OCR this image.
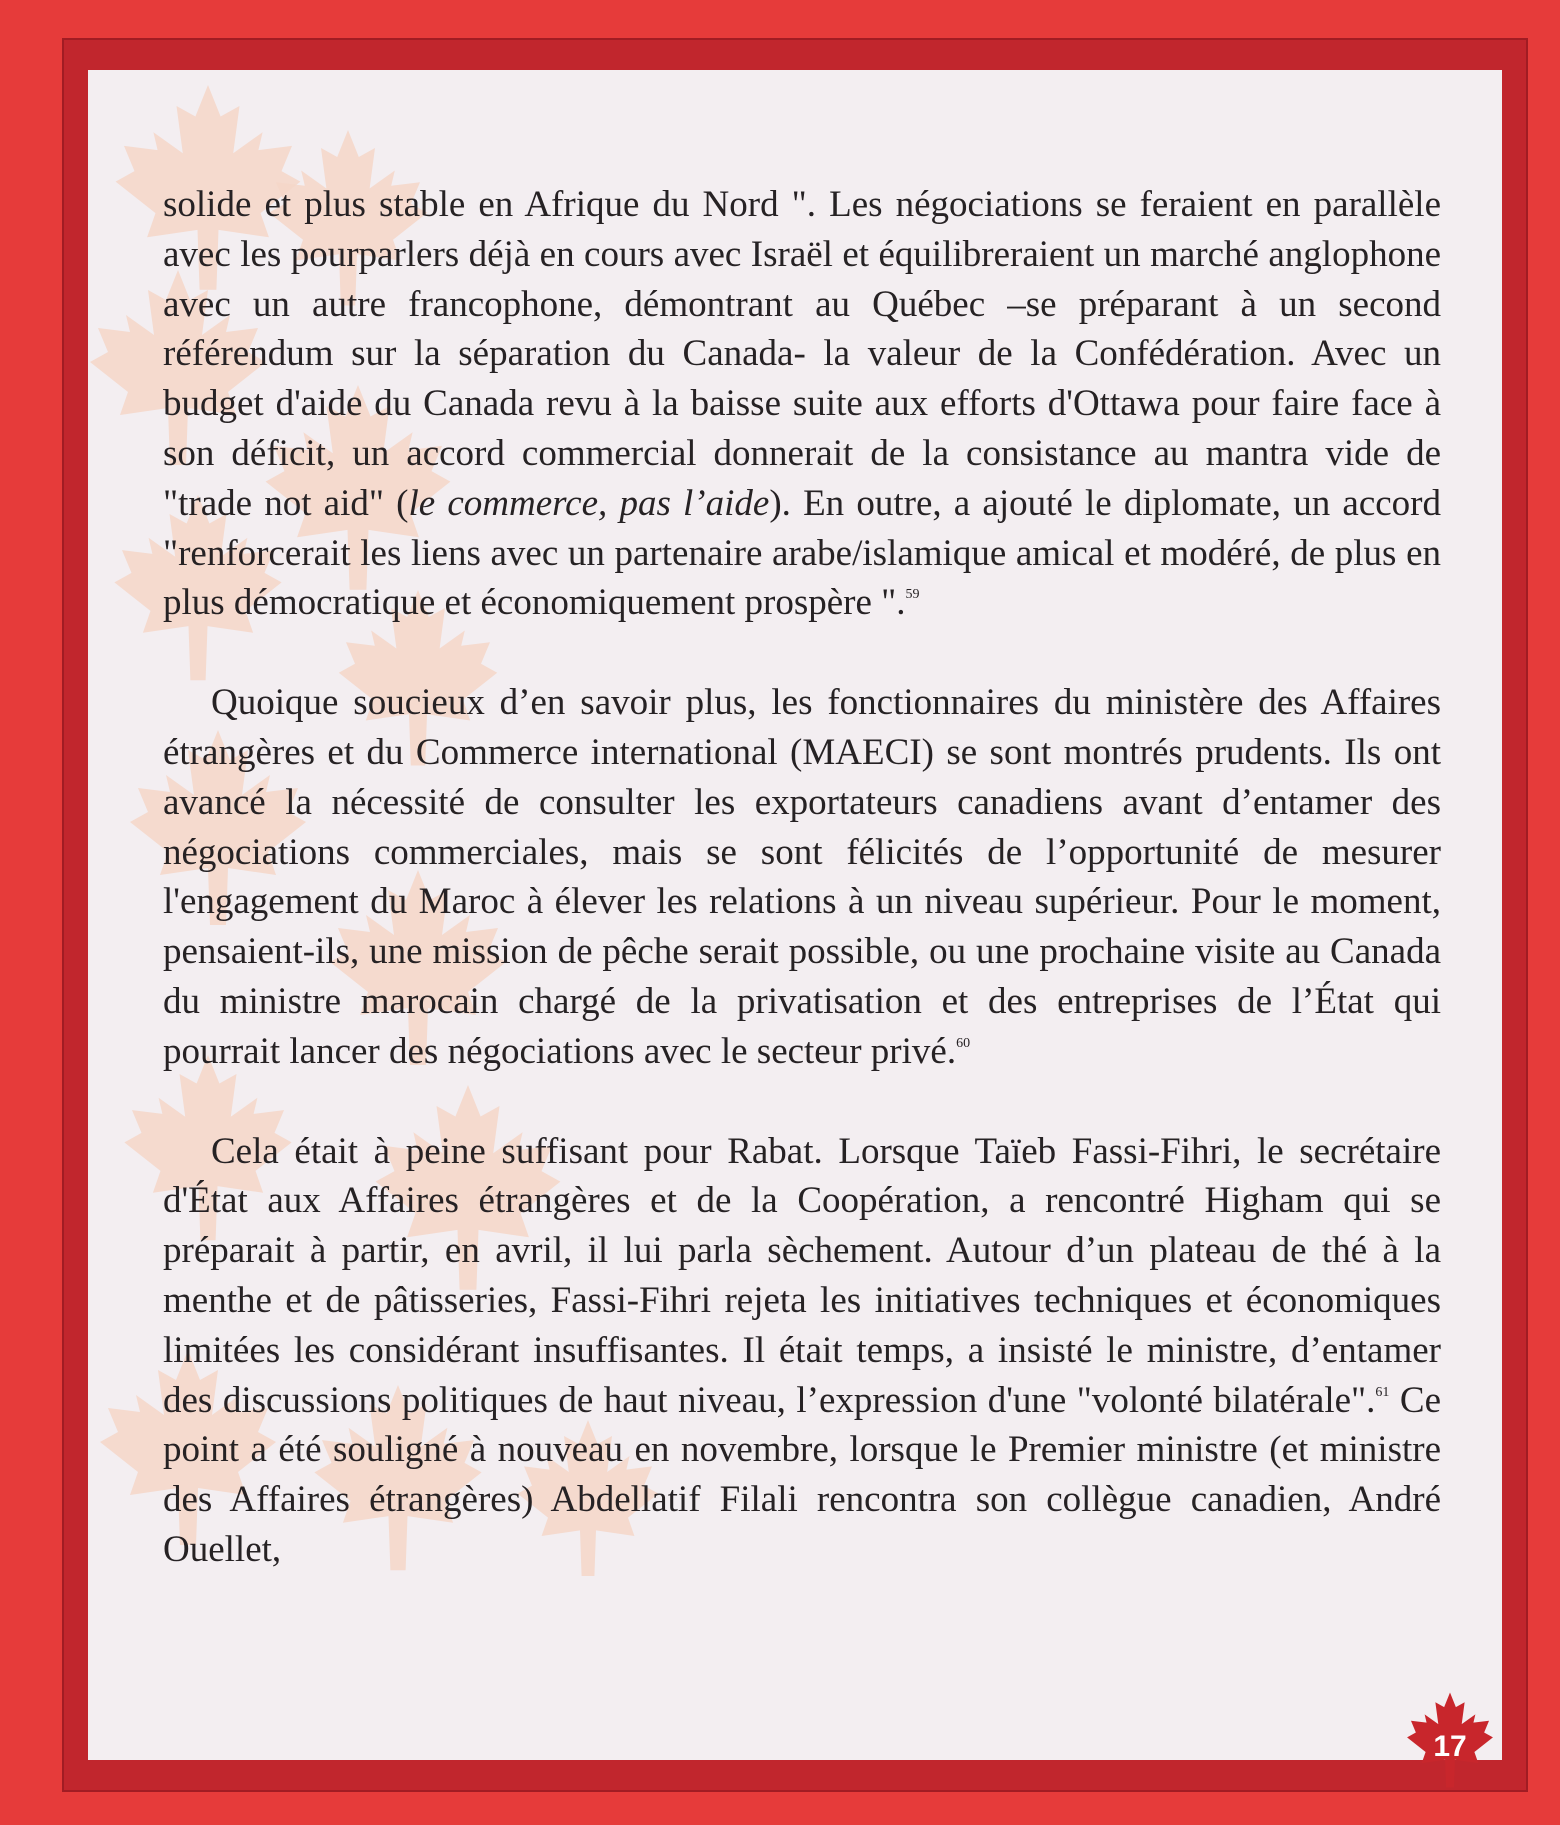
solide et plus stable en Afrique du Nord ". Les négociations se feraient en parallèle avec les pourparlers déjà en cours avec Israël et équilibreraient un marché anglophone avec un autre francophone, démontrant au Québec –se préparant à un second référendum sur la séparation du Canada- la valeur de la Confédération. Avec un budget d'aide du Canada revu à la baisse suite aux efforts d'Ottawa pour faire face à son déficit, un accord commercial donnerait de la consistance au mantra vide de "trade not aid" (le commerce, pas l’aide). En outre, a ajouté le diplomate, un accord "renforcerait les liens avec un partenaire arabe/islamique amical et modéré, de plus en plus démocratique et économiquement prospère ".$^{59}$

Quoique soucieux d’en savoir plus, les fonctionnaires du ministère des Affaires étrangères et du Commerce international (MAECI) se sont montrés prudents. Ils ont avancé la nécessité de consulter les exportateurs canadiens avant d’entamer des négociations commerciales, mais se sont félicités de l’opportunité de mesurer l'engagement du Maroc à élever les relations à un niveau supérieur. Pour le moment, pensaient-ils, une mission de pêche serait possible, ou une prochaine visite au Canada du ministre marocain chargé de la privatisation et des entreprises de l’État qui pourrait lancer des négociations avec le secteur privé.$^{60}$

Cela était à peine suffisant pour Rabat. Lorsque Taïeb Fassi-Fihri, le secrétaire d'État aux Affaires étrangères et de la Coopération, a rencontré Higham qui se préparait à partir, en avril, il lui parla sèchement. Autour d’un plateau de thé à la menthe et de pâtisseries, Fassi-Fihri rejeta les initiatives techniques et économiques limitées les considérant insuffisantes. Il était temps, a insisté le ministre, d’entamer des discussions politiques de haut niveau, l’expression d'une "volonté bilatérale".$^{61}$ Ce point a été souligné à nouveau en novembre, lorsque le Premier ministre (et ministre des Affaires étrangères) Abdellatif Filali rencontra son collègue canadien, André Ouellet,

17
